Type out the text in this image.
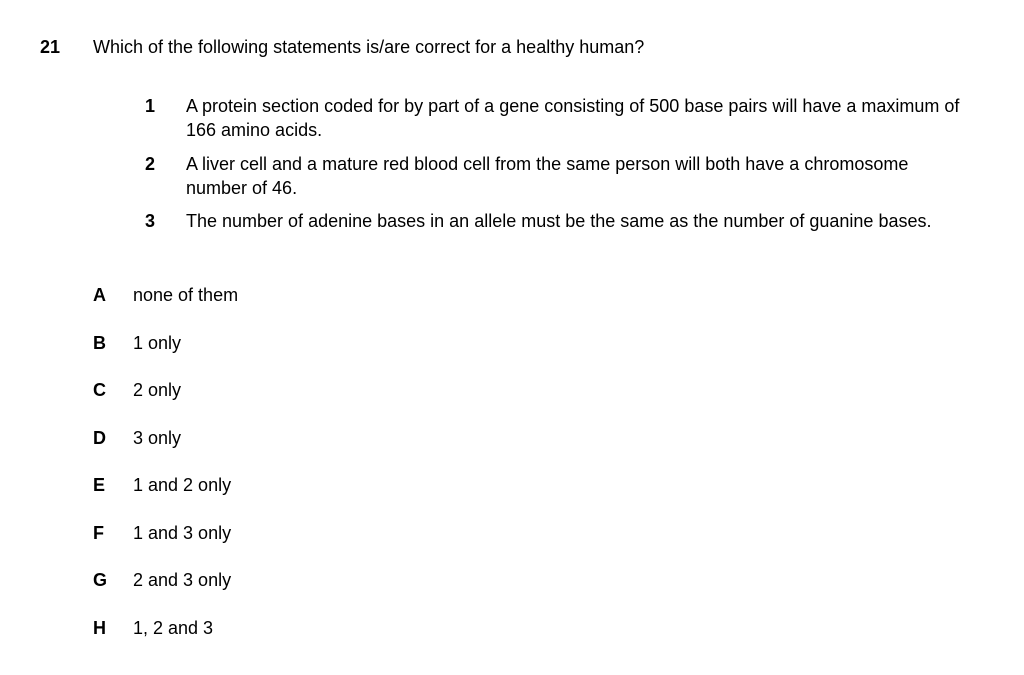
21 Which of the following statements is/are correct for a healthy human?
1 A protein section coded for by part of a gene consisting of 500 base pairs will have a maximum of 166 amino acids.
2 A liver cell and a mature red blood cell from the same person will both have a chromosome number of 46.
3 The number of adenine bases in an allele must be the same as the number of guanine bases.
A none of them
B 1 only
C 2 only
D 3 only
E 1 and 2 only
F 1 and 3 only
G 2 and 3 only
H 1, 2 and 3
